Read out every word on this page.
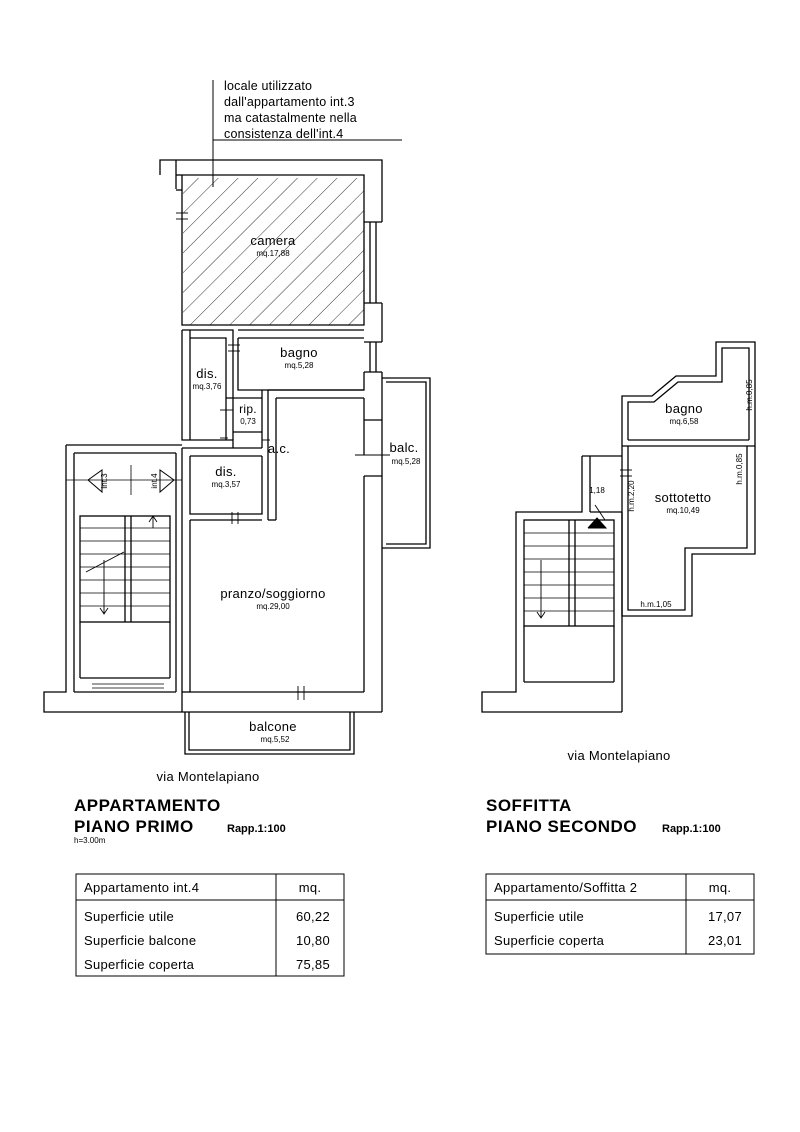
locale utilizzato
dall'appartamento int.3
ma catastalmente nella
consistenza dell'int.4
camera
mq.17,88
bagno
mq.5,28
dis.
mq.3,76
rip.
0,73
dis.
mq.3,57
a.c.	balc.
mq.5,28
pranzo/soggiorno
mq.29,00
balcone
mq.5,52
int.3	int.4
via Montelapiano
APPARTAMENTO
PIANO PRIMO	Rapp.1:100
h=3.00m
bagno
mq.6,58
sottotetto
mq.10,49
h.m.0,85
h.m.0,85
h.m.2,20
h.m.1,05
1,18
via Montelapiano
SOFFITTA
PIANO SECONDO Rapp.1:100
Appartamento int.4	mq.
Superficie utile	60,22
Superficie balcone	10,80
Superficie coperta	75,85
Appartamento/Soffitta 2	mq.
Superficie utile	17,07
Superficie coperta	23,01
